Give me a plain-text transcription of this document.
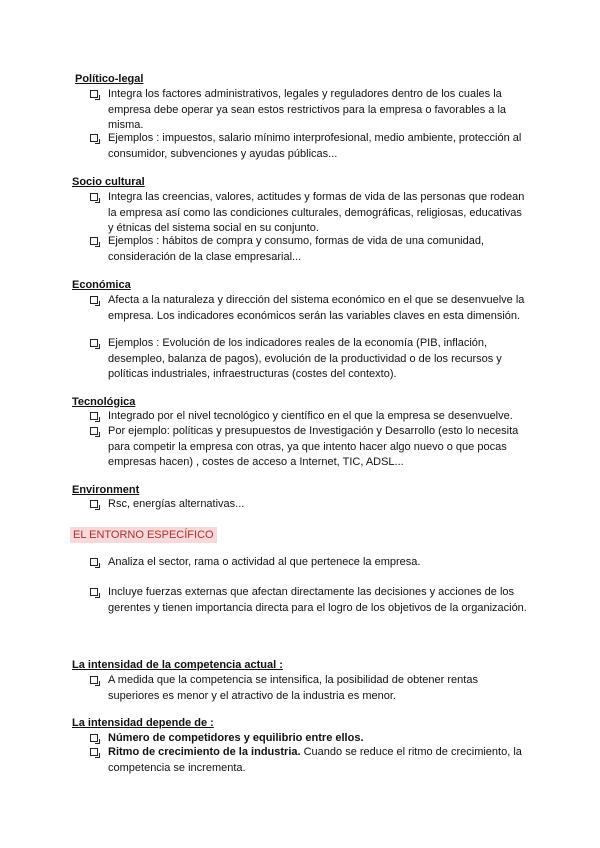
Político-legal
Integra los factores administrativos, legales y reguladores dentro de los cuales la empresa debe operar ya sean estos restrictivos para la empresa o favorables a la misma.
Ejemplos : impuestos, salario mínimo interprofesional, medio ambiente, protección al consumidor, subvenciones y ayudas públicas...
Socio cultural
Integra las creencias, valores, actitudes y formas de vida de las personas que rodean la empresa así como las condiciones culturales, demográficas, religiosas, educativas y étnicas del sistema social en su conjunto.
Ejemplos : hábitos de compra y consumo, formas de vida de una comunidad, consideración de la clase empresarial...
Económica
Afecta a la naturaleza y dirección del sistema económico en el que se desenvuelve la empresa. Los indicadores económicos serán las variables claves en esta dimensión.
Ejemplos : Evolución de los indicadores reales de la economía (PIB, inflación, desempleo, balanza de pagos), evolución de la productividad o de los recursos y políticas industriales, infraestructuras (costes del contexto).
Tecnológica
Integrado por el nivel tecnológico y científico en el que la empresa se desenvuelve.
Por ejemplo: políticas y presupuestos de Investigación y Desarrollo (esto lo necesita para competir la empresa con otras, ya que intento hacer algo nuevo o que pocas empresas hacen) , costes de acceso a Internet, TIC, ADSL...
Environment
Rsc, energías alternativas...
EL ENTORNO ESPECÍFICO
Analiza el sector, rama o actividad al que pertenece la empresa.
Incluye fuerzas externas que afectan directamente las decisiones y acciones de los gerentes y tienen importancia directa para el logro de los objetivos de la organización.
La intensidad de la competencia actual :
A medida que la competencia se intensifica, la posibilidad de obtener rentas superiores es menor y el atractivo de la industria es menor.
La intensidad depende de :
Número de competidores y equilibrio entre ellos.
Ritmo de crecimiento de la industria. Cuando se reduce el ritmo de crecimiento, la competencia se incrementa.
